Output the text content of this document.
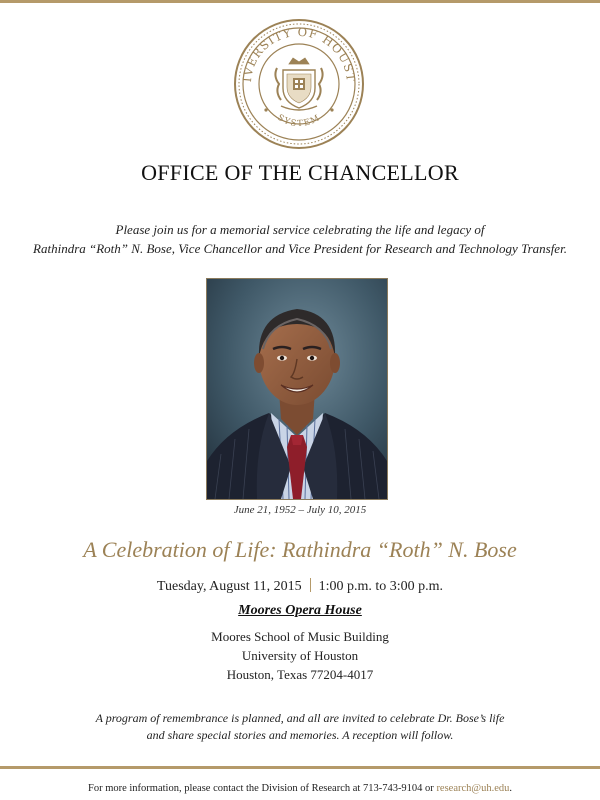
IVERSITY OF HOUST
SYSTEM
OFFICE OF THE CHANCELLOR
Please join us for a memorial service celebrating the life and legacy of
Rathindra “Roth” N. Bose, Vice Chancellor and Vice President for Research and Technology Transfer.
June 21, 1952 – July 10, 2015
A Celebration of Life: Rathindra “Roth” N. Bose
Tuesday, August 11, 2015 1:00 p.m. to 3:00 p.m.
Moores Opera House
Moores School of Music Building
University of Houston
Houston, Texas 77204-4017
A program of remembrance is planned, and all are invited to celebrate Dr. Bose’s life
and share special stories and memories. A reception will follow.
For more information, please contact the Division of Research at 713-743-9104 or research@uh.edu.
